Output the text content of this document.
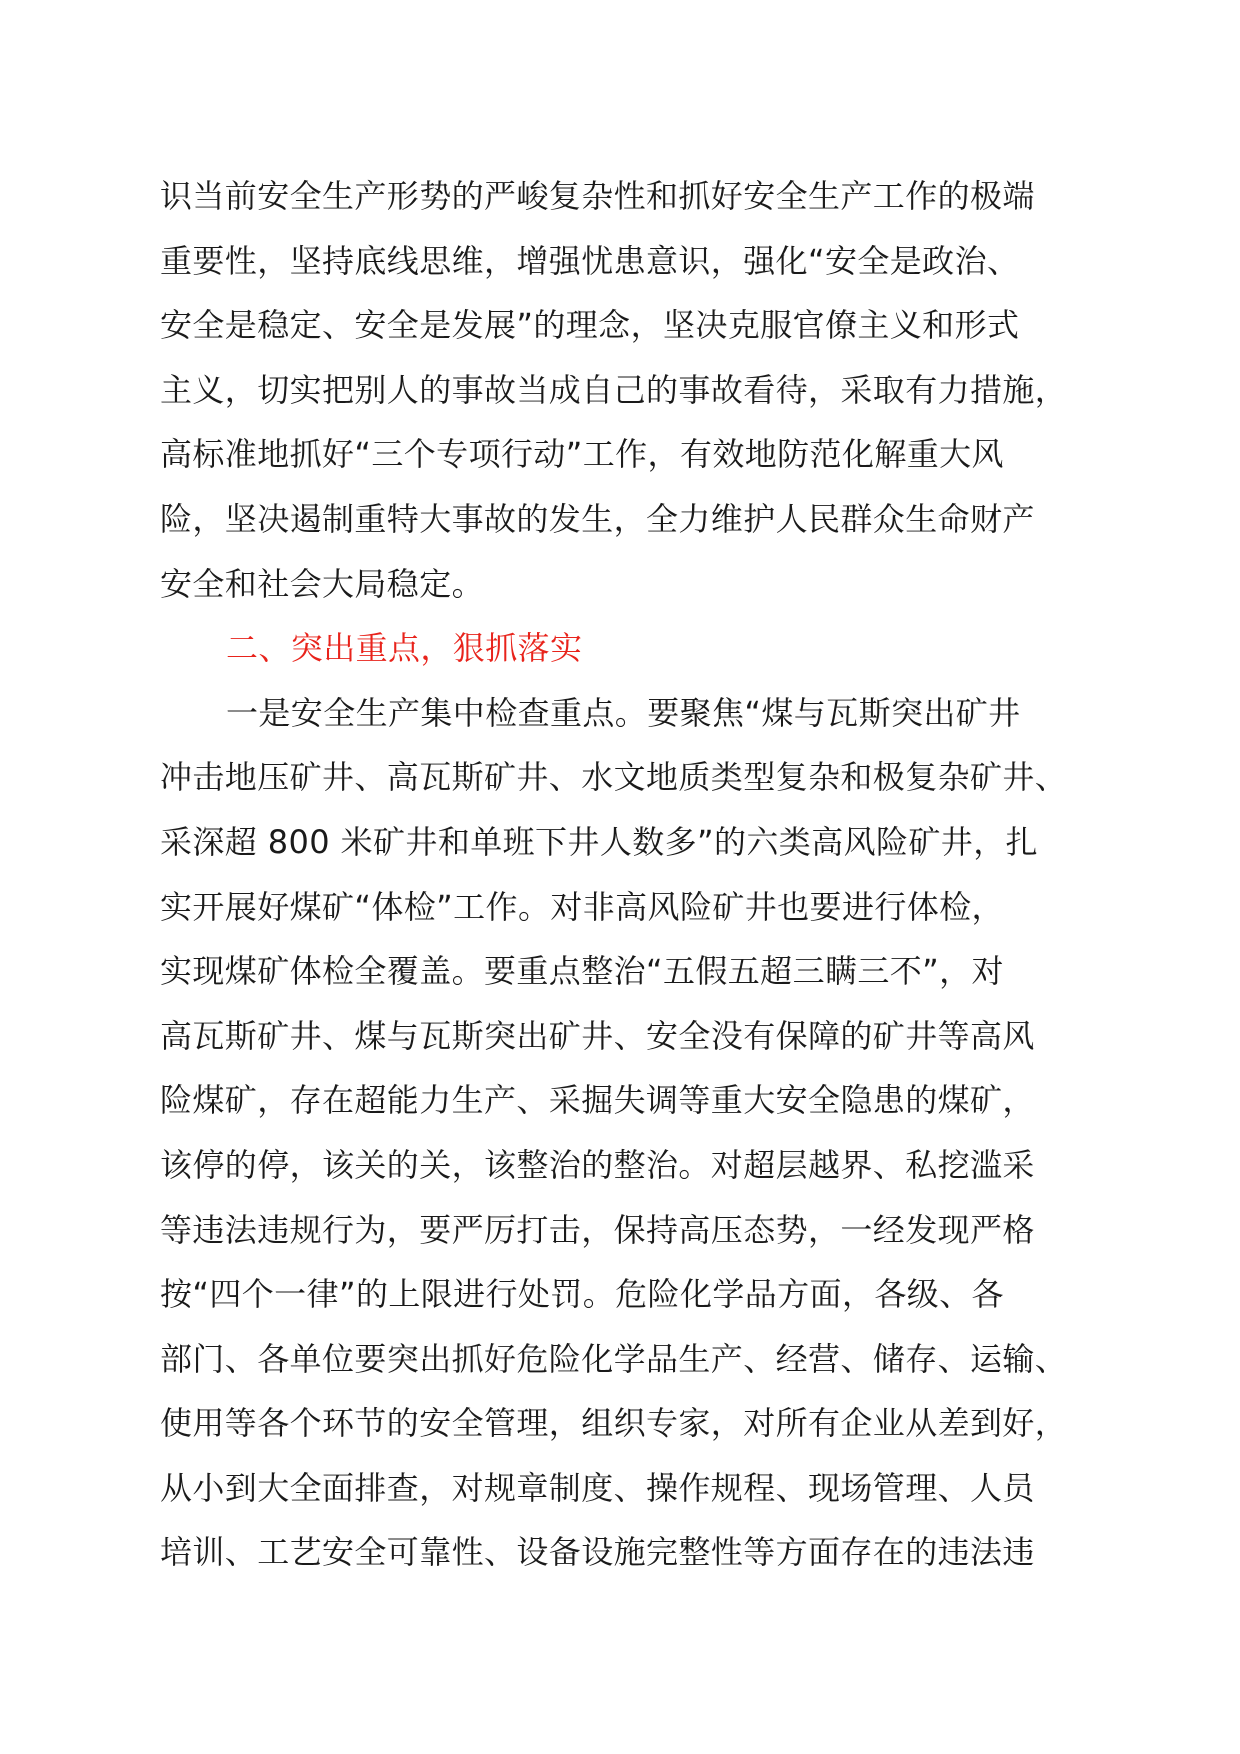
识当前安全生产形势的严峻复杂性和抓好安全生产工作的极端
重要性，坚持底线思维，增强忧患意识，强化“安全是政治、
安全是稳定、安全是发展”的理念，坚决克服官僚主义和形式
主义，切实把别人的事故当成自己的事故看待，采取有力措施，
高标准地抓好“三个专项行动”工作，有效地防范化解重大风
险，坚决遏制重特大事故的发生，全力维护人民群众生命财产
安全和社会大局稳定。
二、突出重点，狠抓落实
一是安全生产集中检查重点。要聚焦“煤与瓦斯突出矿井
冲击地压矿井、高瓦斯矿井、水文地质类型复杂和极复杂矿井、
采深超 800 米矿井和单班下井人数多”的六类高风险矿井，扎
实开展好煤矿“体检”工作。对非高风险矿井也要进行体检，
实现煤矿体检全覆盖。要重点整治“五假五超三瞒三不”，对
高瓦斯矿井、煤与瓦斯突出矿井、安全没有保障的矿井等高风
险煤矿，存在超能力生产、采掘失调等重大安全隐患的煤矿，
该停的停，该关的关，该整治的整治。对超层越界、私挖滥采
等违法违规行为，要严厉打击，保持高压态势，一经发现严格
按“四个一律”的上限进行处罚。危险化学品方面，各级、各
部门、各单位要突出抓好危险化学品生产、经营、储存、运输、
使用等各个环节的安全管理，组织专家，对所有企业从差到好，
从小到大全面排查，对规章制度、操作规程、现场管理、人员
培训、工艺安全可靠性、设备设施完整性等方面存在的违法违
